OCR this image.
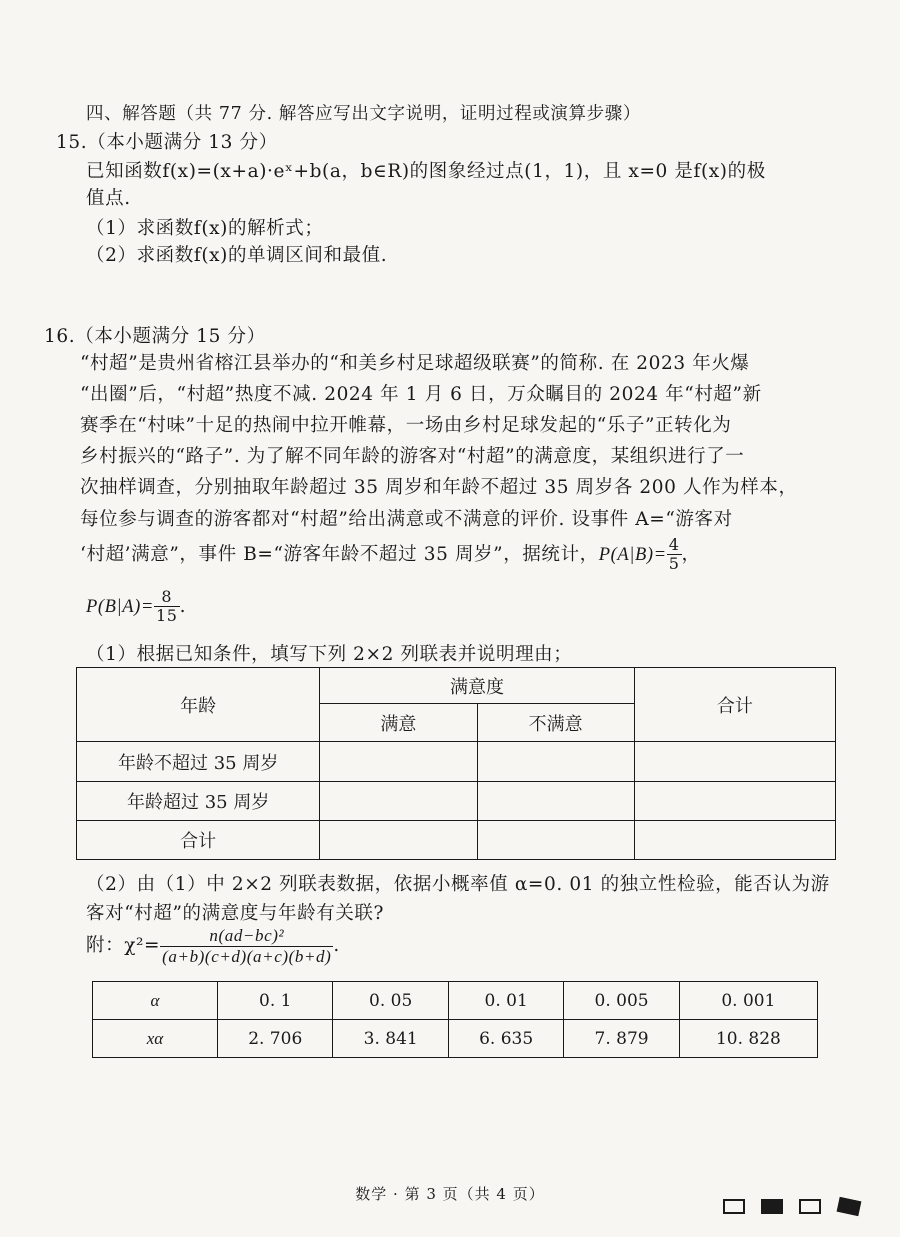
四、解答题（共 77 分. 解答应写出文字说明，证明过程或演算步骤）
15.（本小题满分 13 分）
已知函数f(x)=(x+a)·eˣ+b(a，b∈R)的图象经过点(1，1)，且 x=0 是f(x)的极
值点.
（1）求函数f(x)的解析式；
（2）求函数f(x)的单调区间和最值.
16.（本小题满分 15 分）
“村超”是贵州省榕江县举办的“和美乡村足球超级联赛”的简称. 在 2023 年火爆
“出圈”后，“村超”热度不减. 2024 年 1 月 6 日，万众瞩目的 2024 年“村超”新
赛季在“村味”十足的热闹中拉开帷幕，一场由乡村足球发起的“乐子”正转化为
乡村振兴的“路子”. 为了解不同年龄的游客对“村超”的满意度，某组织进行了一
次抽样调查，分别抽取年龄超过 35 周岁和年龄不超过 35 周岁各 200 人作为样本，
每位参与调查的游客都对“村超”给出满意或不满意的评价. 设事件 A=“游客对
‘村超’满意”，事件 B=“游客年龄不超过 35 周岁”，据统计，$P(A|B)= \frac{4}{5}$ ，
$P(B|A)= \frac{8}{15}$ .
（1）根据已知条件，填写下列 2×2 列联表并说明理由；
年龄	满意度		合计
	满意	不满意	
年龄不超过 35 周岁			
年龄超过 35 周岁			
合计			
（2）由（1）中 2×2 列联表数据，依据小概率值 α=0. 01 的独立性检验，能否认为游
客对“村超”的满意度与年龄有关联?
附：$\chi^2= \frac{\text{n(ad−bc)²}}{(a+b)(c+d)(a+c)(b+d)}$ .
α	0. 1	0. 05	0. 01	0. 005	0. 001
xα	2. 706	3. 841	6. 635	7. 879	10. 828
数学 · 第 3 页（共 4 页）
